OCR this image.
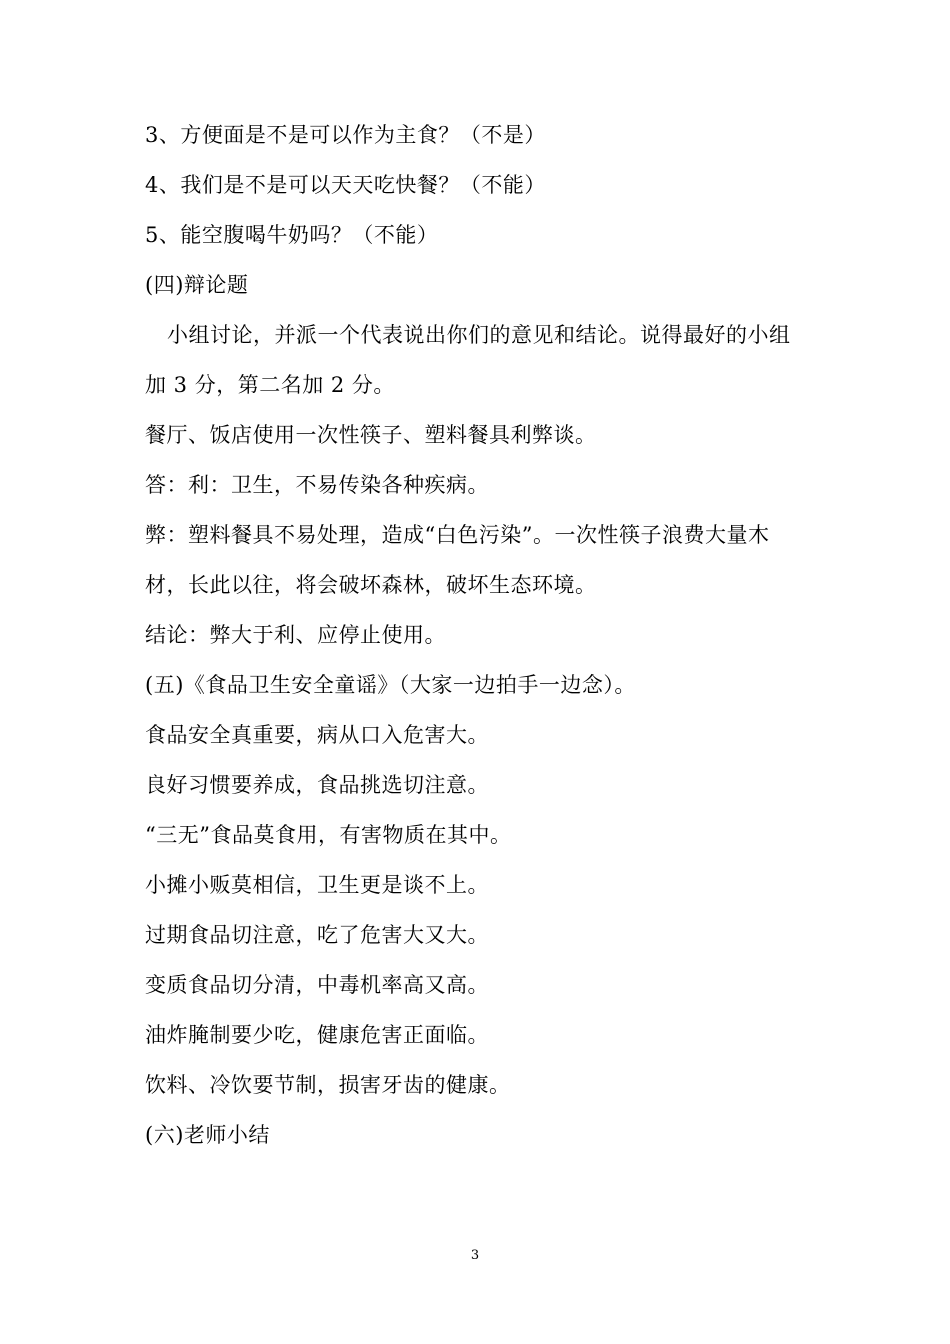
3、方便面是不是可以作为主食？（不是）
4、我们是不是可以天天吃快餐？（不能）
5、能空腹喝牛奶吗？（不能）
(四)辩论题
小组讨论，并派一个代表说出你们的意见和结论。说得最好的小组
加 3 分，第二名加 2 分。
餐厅、饭店使用一次性筷子、塑料餐具利弊谈。
答：利：卫生，不易传染各种疾病。
弊：塑料餐具不易处理，造成“白色污染”。一次性筷子浪费大量木
材，长此以往，将会破坏森林，破坏生态环境。
结论：弊大于利、应停止使用。
(五)《食品卫生安全童谣》（大家一边拍手一边念）。
食品安全真重要，病从口入危害大。
良好习惯要养成，食品挑选切注意。
“三无”食品莫食用，有害物质在其中。
小摊小贩莫相信，卫生更是谈不上。
过期食品切注意，吃了危害大又大。
变质食品切分清，中毒机率高又高。
油炸腌制要少吃，健康危害正面临。
饮料、冷饮要节制，损害牙齿的健康。
(六)老师小结
3
